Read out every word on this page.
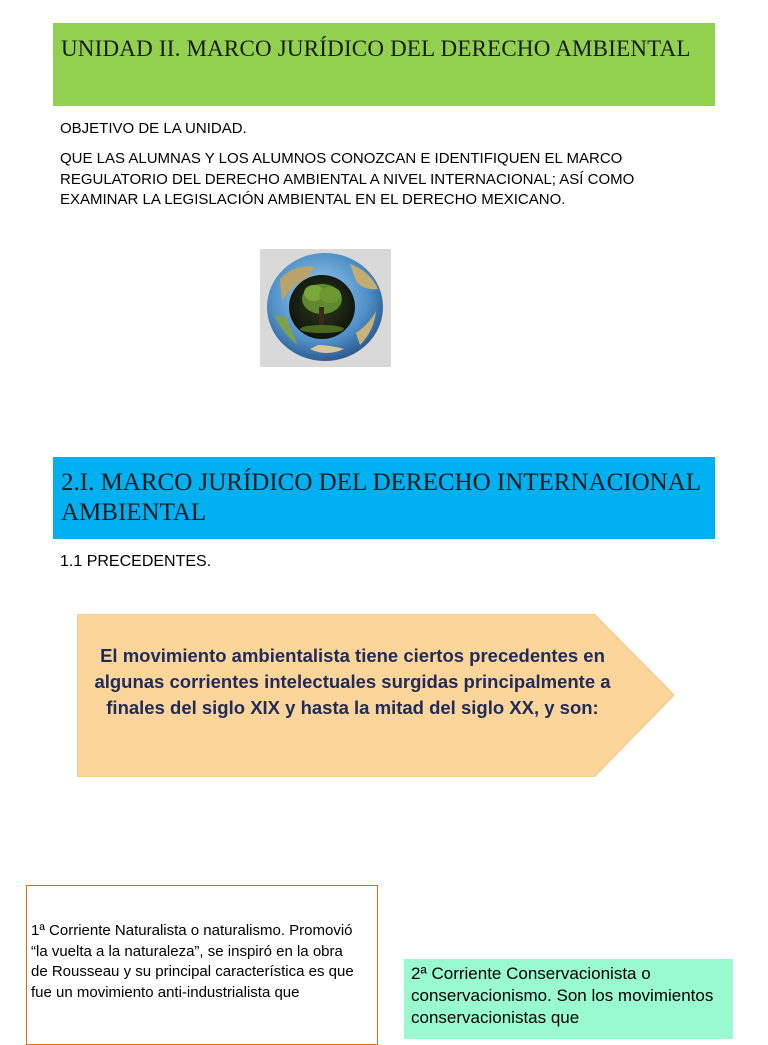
UNIDAD II. MARCO JURÍDICO DEL DERECHO AMBIENTAL
OBJETIVO DE LA UNIDAD.
QUE LAS ALUMNAS Y LOS ALUMNOS CONOZCAN E IDENTIFIQUEN EL MARCO REGULATORIO DEL DERECHO AMBIENTAL A NIVEL INTERNACIONAL; ASÍ COMO EXAMINAR LA LEGISLACIÓN AMBIENTAL EN EL DERECHO MEXICANO.
2.I. MARCO JURÍDICO DEL DERECHO INTERNACIONAL AMBIENTAL
1.1 PRECEDENTES.
El movimiento ambientalista tiene ciertos precedentes en algunas corrientes intelectuales surgidas principalmente a finales del siglo XIX y hasta la mitad del siglo XX, y son:
1ª Corriente Naturalista o naturalismo. Promovió “la vuelta a la naturaleza”, se inspiró en la obra de Rousseau y su principal característica es que fue un movimiento anti-industrialista que
2ª Corriente Conservacionista o conservacionismo. Son los movimientos conservacionistas que
